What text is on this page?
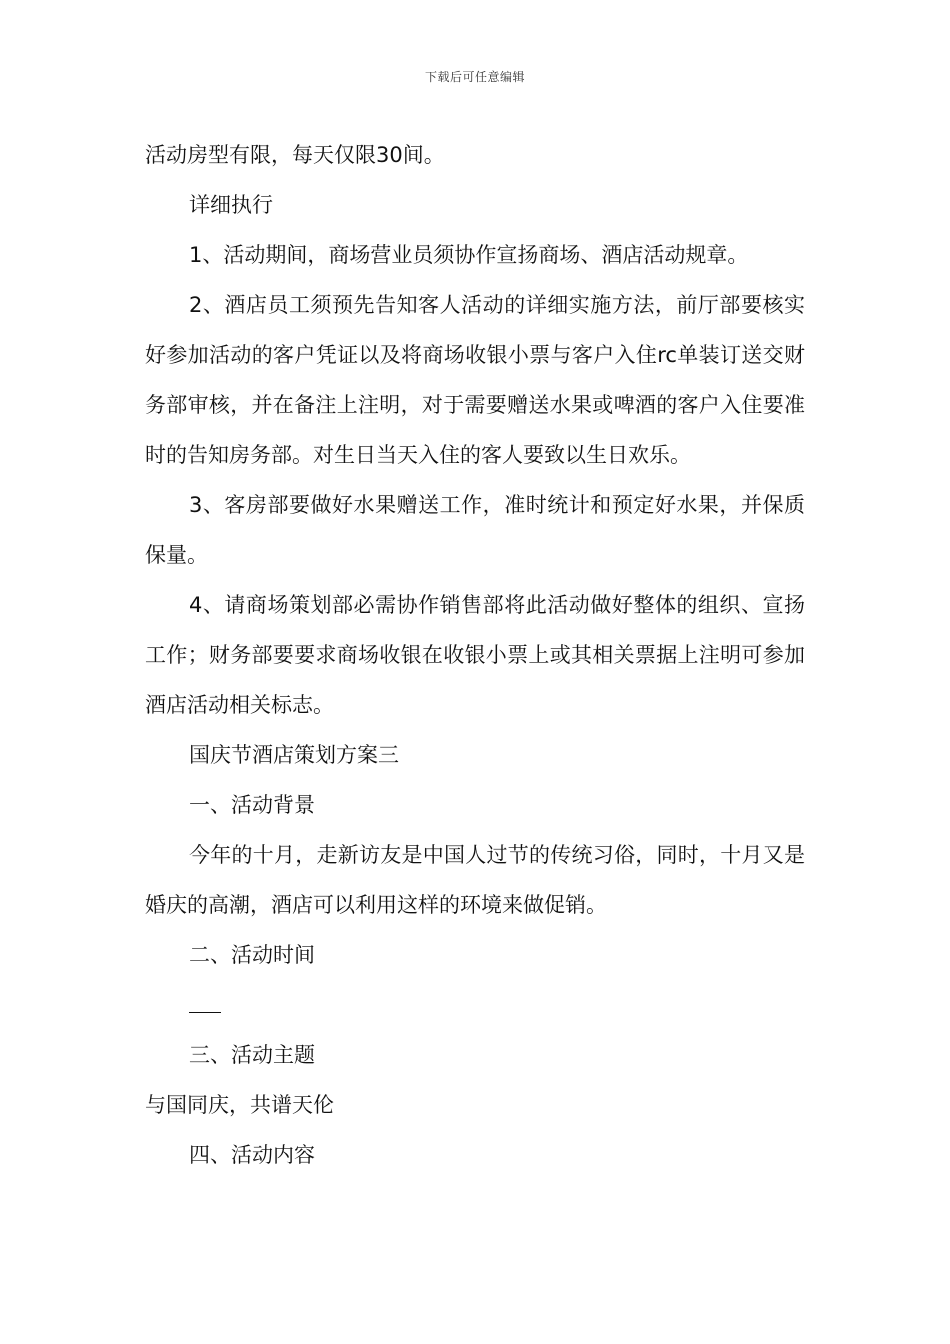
下载后可任意编辑

活动房型有限，每天仅限30间。

详细执行

1、活动期间，商场营业员须协作宣扬商场、酒店活动规章。

2、酒店员工须预先告知客人活动的详细实施方法，前厅部要核实好参加活动的客户凭证以及将商场收银小票与客户入住rc单装订送交财务部审核，并在备注上注明，对于需要赠送水果或啤酒的客户入住要准时的告知房务部。对生日当天入住的客人要致以生日欢乐。

3、客房部要做好水果赠送工作，准时统计和预定好水果，并保质保量。

4、请商场策划部必需协作销售部将此活动做好整体的组织、宣扬工作；财务部要要求商场收银在收银小票上或其相关票据上注明可参加酒店活动相关标志。

国庆节酒店策划方案三

一、活动背景

今年的十月，走新访友是中国人过节的传统习俗，同时，十月又是婚庆的高潮，酒店可以利用这样的环境来做促销。

二、活动时间

三、活动主题

与国同庆，共谱天伦

四、活动内容
